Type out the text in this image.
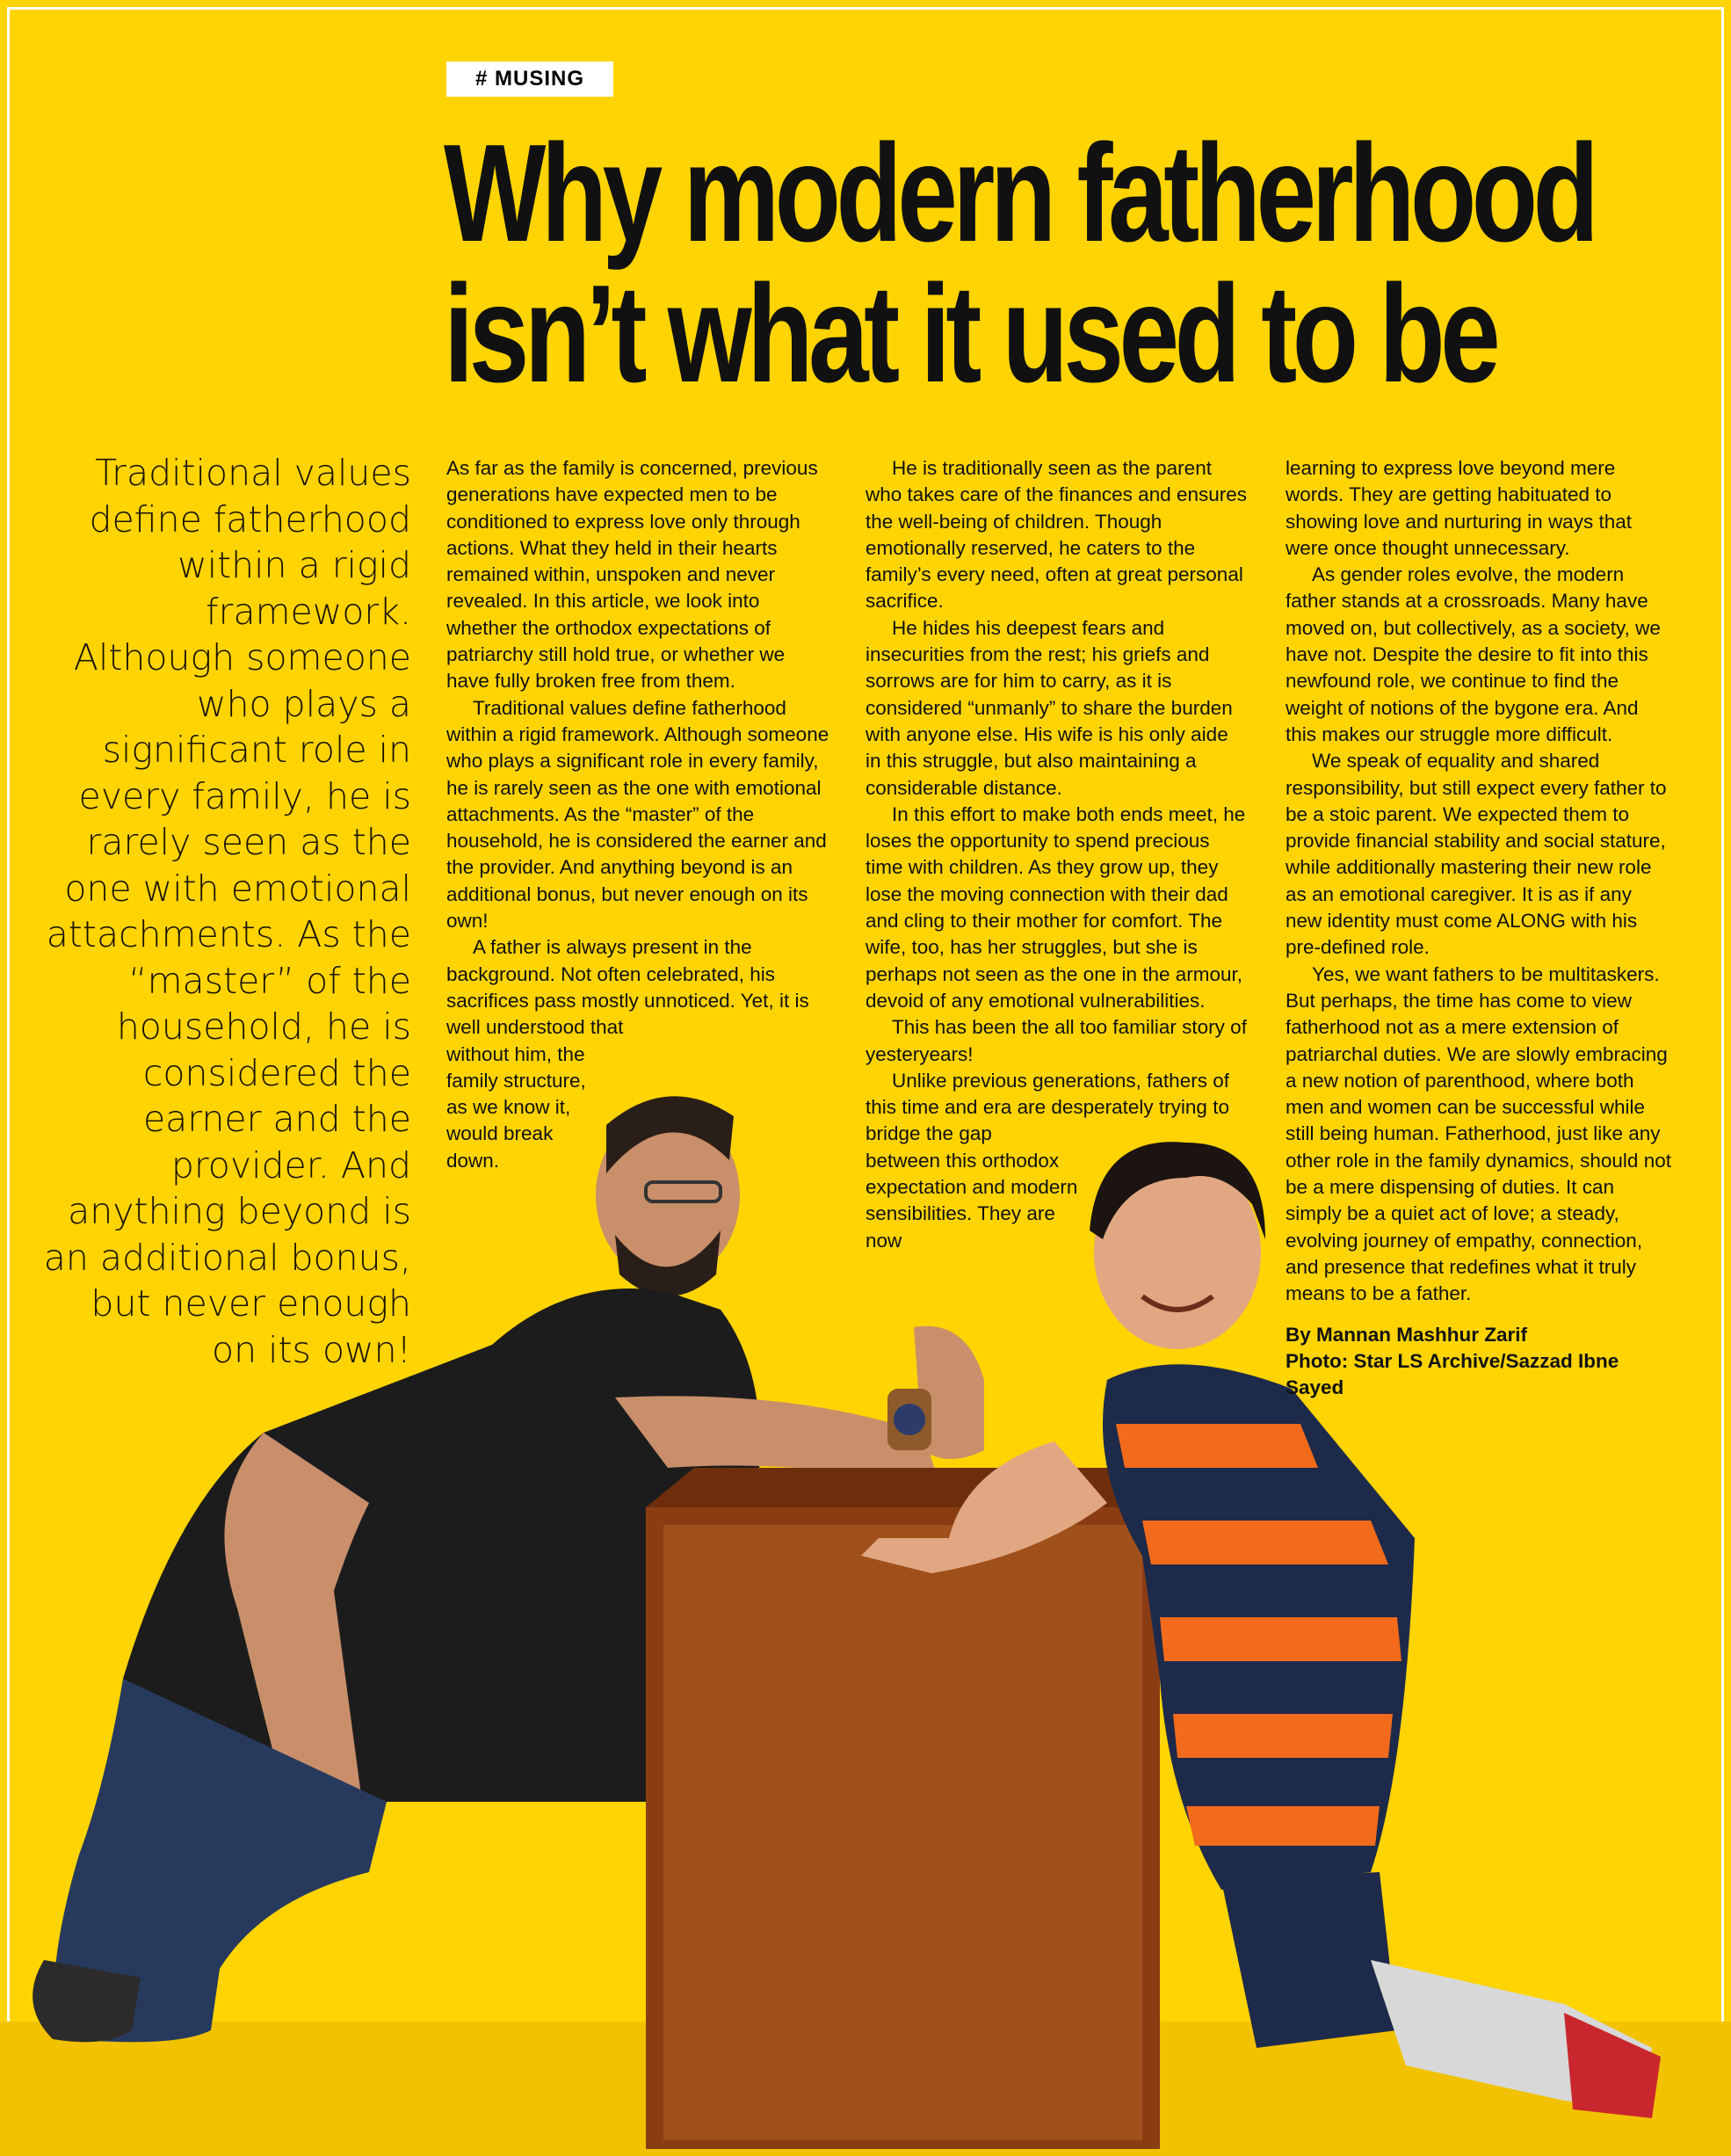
# MUSING
Why modern fatherhood
isn’t what it used to be

Traditional values define fatherhood within a rigid framework. Although someone who plays a significant role in every family, he is rarely seen as the one with emotional attachments. As the “master” of the household, he is considered the earner and the provider. And anything beyond is an additional bonus, but never enough on its own!

As far as the family is concerned, previous generations have expected men to be conditioned to express love only through actions. What they held in their hearts remained within, unspoken and never revealed. In this article, we look into whether the orthodox expectations of patriarchy still hold true, or whether we have fully broken free from them.

Traditional values define fatherhood within a rigid framework. Although someone who plays a significant role in every family, he is rarely seen as the one with emotional attachments. As the “master” of the household, he is considered the earner and the provider. And anything beyond is an additional bonus, but never enough on its own!

A father is always present in the background. Not often celebrated, his sacrifices pass mostly unnoticed. Yet, it is well understood that

without him, the family structure, as we know it, would break down.

He is traditionally seen as the parent who takes care of the finances and ensures the well-being of children. Though emotionally reserved, he caters to the family’s every need, often at great personal sacrifice.

He hides his deepest fears and insecurities from the rest; his griefs and sorrows are for him to carry, as it is considered “unmanly” to share the burden with anyone else. His wife is his only aide in this struggle, but also maintaining a considerable distance.

In this effort to make both ends meet, he loses the opportunity to spend precious time with children. As they grow up, they lose the moving connection with their dad and cling to their mother for comfort. The wife, too, has her struggles, but she is perhaps not seen as the one in the armour, devoid of any emotional vulnerabilities.

This has been the all too familiar story of yesteryears!

Unlike previous generations, fathers of this time and era are desperately trying to bridge the gap

between this orthodox expectation and modern sensibilities. They are now

learning to express love beyond mere words. They are getting habituated to showing love and nurturing in ways that were once thought unnecessary.

As gender roles evolve, the modern father stands at a crossroads. Many have moved on, but collectively, as a society, we have not. Despite the desire to fit into this newfound role, we continue to find the weight of notions of the bygone era. And this makes our struggle more difficult.

We speak of equality and shared responsibility, but still expect every father to be a stoic parent. We expected them to provide financial stability and social stature, while additionally mastering their new role as an emotional caregiver. It is as if any new identity must come ALONG with his pre-defined role.

Yes, we want fathers to be multitaskers. But perhaps, the time has come to view fatherhood not as a mere extension of patriarchal duties. We are slowly embracing a new notion of parenthood, where both men and women can be successful while still being human. Fatherhood, just like any other role in the family dynamics, should not be a mere dispensing of duties. It can simply be a quiet act of love; a steady, evolving journey of empathy, connection, and presence that redefines what it truly means to be a father.

By Mannan Mashhur Zarif
Photo: Star LS Archive/Sazzad Ibne Sayed
